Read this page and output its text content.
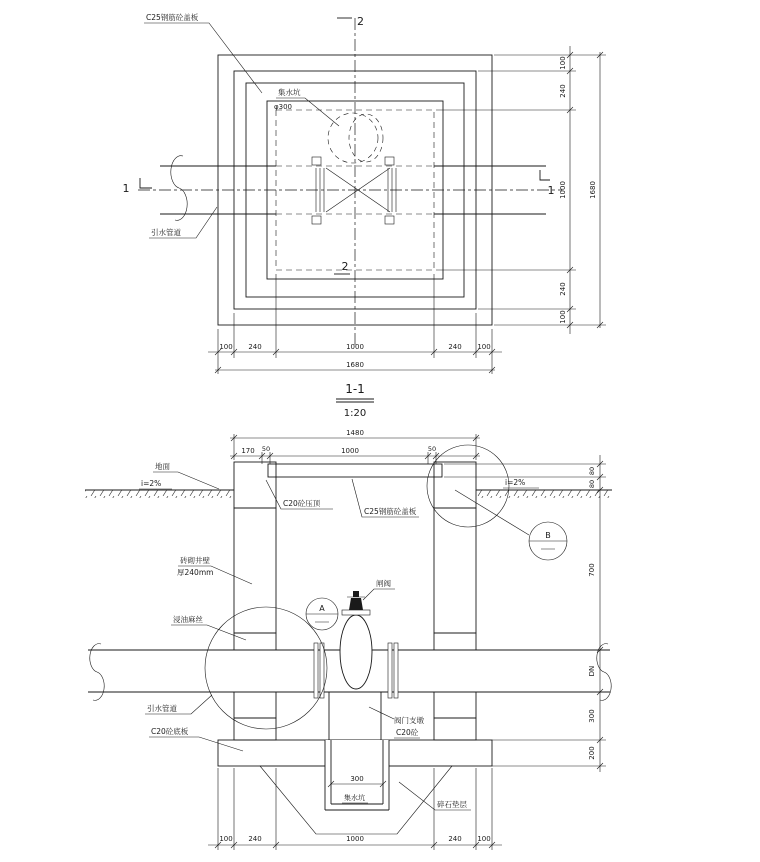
2
2
1	1
C25钢筋砼盖板
集水坑
φ300
引水管道
100
240
1000
240
100
1680
100 240	1000	240 100
1680
1-1
1:20
300
集水坑
A
B
地面
i=2%	i=2%
C20砼压顶
C25钢筋砼盖板
砖砌井壁
厚240mm
浸油麻丝
闸阀
引水管道
C20砼底板
阀门支墩
C20砼
碎石垫层
1480
170 50	1000	50
80
80
700
DN
300
200
100 240	1000	240 100
